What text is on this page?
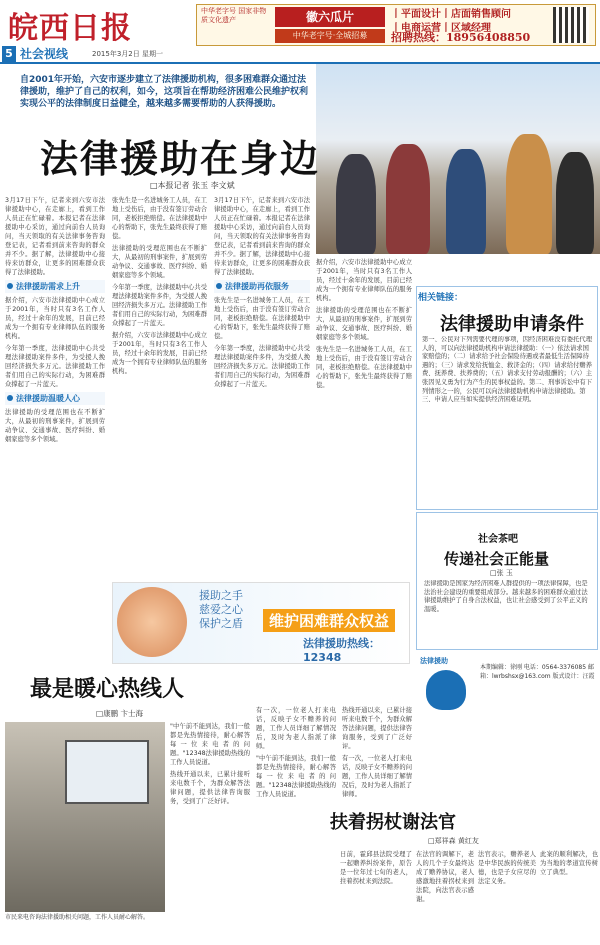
皖西日报	中华老字号 国家非物质文化遗产	徽六瓜片
中华老字号·全城招募
丨平面设计丨店面销售顾问
丨电商运营丨区域经理
招聘热线：18956408850
5 社会视线	2015年3月2日 星期一
自2001年开始，六安市逐步建立了法律援助机构，很多困难群众通过法律援助，维护了自己的权利，如今，这项旨在帮助经济困难公民维护权利实现公平的法律制度日益健全，越来越多需要帮助的人获得援助。
法律援助在身边
□本报记者 张玉 李文斌

3月17日下午，记者来到六安市法律援助中心，在走廊上，看到工作人员正在忙碌着。本报记者在法律援助中心采访，通过向前台人员询问，当天领取的有关法律事务咨询登记表，记者看到前来咨询的群众并不少。据了解，法律援助中心接待来访群众，让更多的困难群众获得了法律援助。

法律援助需求上升

据介绍，六安市法律援助中心成立于2001年，当时只有3名工作人员，经过十余年的发展，目前已经成为一个拥有专业律师队伍的服务机构。

今年第一季度，法律援助中心共受理法律援助案件多件，为受援人挽回经济损失多万元。法律援助工作者们用自己的实际行动，为困难群众撑起了一片蓝天。

法律援助温暖人心

法律援助的受理范围也在不断扩大，从最初的刑事案件，扩展到劳动争议、交通事故、医疗纠纷、婚姻家庭等多个领域。

张先生是一名进城务工人员，在工地上受伤后，由于没有签订劳动合同，老板拒绝赔偿。在法律援助中心的帮助下，张先生最终获得了赔偿。

法律援助的受理范围也在不断扩大，从最初的刑事案件，扩展到劳动争议、交通事故、医疗纠纷、婚姻家庭等多个领域。

今年第一季度，法律援助中心共受理法律援助案件多件，为受援人挽回经济损失多万元。法律援助工作者们用自己的实际行动，为困难群众撑起了一片蓝天。

据介绍，六安市法律援助中心成立于2001年，当时只有3名工作人员，经过十余年的发展，目前已经成为一个拥有专业律师队伍的服务机构。

3月17日下午，记者来到六安市法律援助中心，在走廊上，看到工作人员正在忙碌着。本报记者在法律援助中心采访，通过向前台人员询问，当天领取的有关法律事务咨询登记表，记者看到前来咨询的群众并不少。据了解，法律援助中心接待来访群众，让更多的困难群众获得了法律援助。

法律援助再依服务

张先生是一名进城务工人员，在工地上受伤后，由于没有签订劳动合同，老板拒绝赔偿。在法律援助中心的帮助下，张先生最终获得了赔偿。

今年第一季度，法律援助中心共受理法律援助案件多件，为受援人挽回经济损失多万元。法律援助工作者们用自己的实际行动，为困难群众撑起了一片蓝天。

据介绍，六安市法律援助中心成立于2001年，当时只有3名工作人员，经过十余年的发展，目前已经成为一个拥有专业律师队伍的服务机构。

法律援助的受理范围也在不断扩大，从最初的刑事案件，扩展到劳动争议、交通事故、医疗纠纷、婚姻家庭等多个领域。

张先生是一名进城务工人员，在工地上受伤后，由于没有签订劳动合同，老板拒绝赔偿。在法律援助中心的帮助下，张先生最终获得了赔偿。

相关链接：
法律援助申请条件
第一、公民对下列需要代理的事项，因经济困难没有委托代理人的，可以向法律援助机构申请法律援助：（一）依法请求国家赔偿的；（二）请求给予社会保险待遇或者最低生活保障待遇的；（三）请求发给抚恤金、救济金的；（四）请求给付赡养费、抚养费、扶养费的；（五）请求支付劳动报酬的；（六）主张因见义勇为行为产生的民事权益的。第二、刑事诉讼中有下列情形之一的，公民可以向法律援助机构申请法律援助。第三、申请人应当如实提供经济困难证明。
援助之手
慈爱之心
保护之盾	维护困难群众权益
法律援助热线：12348
社会茶吧
传递社会正能量
□张 玉
法律援助是国家为经济困难人群提供的一项法律保障，也是法治社会建设的重要组成部分。越来越多的困难群众通过法律援助维护了自身合法权益，也让社会感受到了公平正义的温暖。
最是暖心热线人
□康鹏 卞士海
市民来电咨询法律援助相关问题，工作人员耐心解答。

"中午前不能到达，我们一般都是先热情接待，耐心解答每一位来电者的问题。"12348法律援助热线的工作人员说道。

热线开通以来，已累计接听来电数千个，为群众解答法律问题，提供法律咨询服务，受到了广泛好评。

有一次，一位老人打来电话，反映子女不赡养的问题，工作人员详细了解情况后，及时为老人指派了律师。

"中午前不能到达，我们一般都是先热情接待，耐心解答每一位来电者的问题。"12348法律援助热线的工作人员说道。

热线开通以来，已累计接听来电数千个，为群众解答法律问题，提供法律咨询服务，受到了广泛好评。

有一次，一位老人打来电话，反映子女不赡养的问题，工作人员详细了解情况后，及时为老人指派了律师。

法律援助
本期编辑：徐刚 电话：0564-3376085 邮箱：lwrbshsx@163.com 版式设计：汪霞
扶着拐杖谢法官
□郑祥森 黄红友
日前，霍邱县法院受理了一起赡养纠纷案件，原告是一位年过七旬的老人，拄着拐杖来到法院。
在法官的调解下，老人的几个子女最终达成了赡养协议，老人感激地拄着拐杖来到法院，向法官表示感谢。
法官表示，赡养老人是中华民族的传统美德，也是子女应尽的法定义务。
此案的顺利解决，也为当地的孝道宣传树立了典型。
